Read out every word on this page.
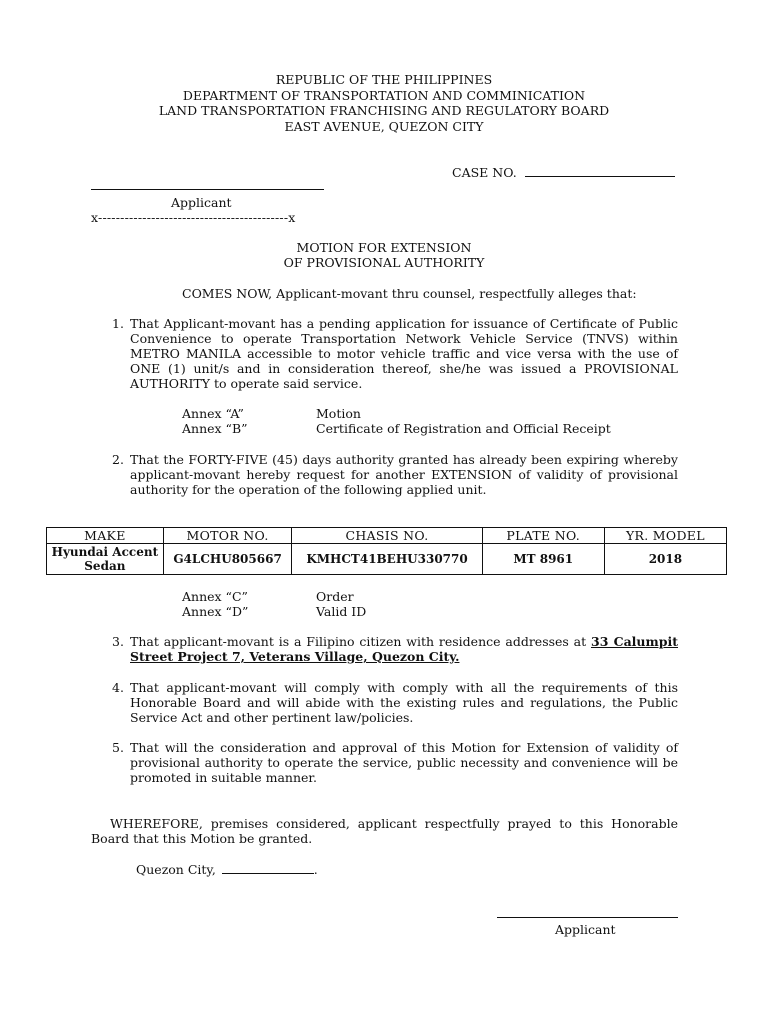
REPUBLIC OF THE PHILIPPINES
DEPARTMENT OF TRANSPORTATION AND COMMINICATION
LAND TRANSPORTATION FRANCHISING AND REGULATORY BOARD
EAST AVENUE, QUEZON CITY
CASE NO.
Applicant
x-------------------------------------------x
MOTION FOR EXTENSION
OF PROVISIONAL AUTHORITY
COMES NOW, Applicant-movant thru counsel, respectfully alleges that:
1. That Applicant-movant has a pending application for issuance of Certificate of Public Convenience to operate Transportation Network Vehicle Service (TNVS) within METRO MANILA accessible to motor vehicle traffic and vice versa with the use of ONE (1) unit/s and in consideration thereof, she/he was issued a PROVISIONAL AUTHORITY to operate said service.
Annex “A”	Motion
Annex “B”	Certificate of Registration and Official Receipt
2. That the FORTY-FIVE (45) days authority granted has already been expiring whereby applicant-movant hereby request for another EXTENSION of validity of provisional authority for the operation of the following applied unit.
MAKE	MOTOR NO.	CHASIS NO.	PLATE NO.	YR. MODEL
Hyundai Accent Sedan	G4LCHU805667	KMHCT41BEHU330770	MT 8961	2018
Annex “C”	Order
Annex “D”	Valid ID
3. That applicant-movant is a Filipino citizen with residence addresses at 33 Calumpit Street Project 7, Veterans Village, Quezon City.
4. That applicant-movant will comply with comply with all the requirements of this Honorable Board and will abide with the existing rules and regulations, the Public Service Act and other pertinent law/policies.
5. That will the consideration and approval of this Motion for Extension of validity of provisional authority to operate the service, public necessity and convenience will be promoted in suitable manner.
WHEREFORE, premises considered, applicant respectfully prayed to this Honorable Board that this Motion be granted.
Quezon City,	.
Applicant
